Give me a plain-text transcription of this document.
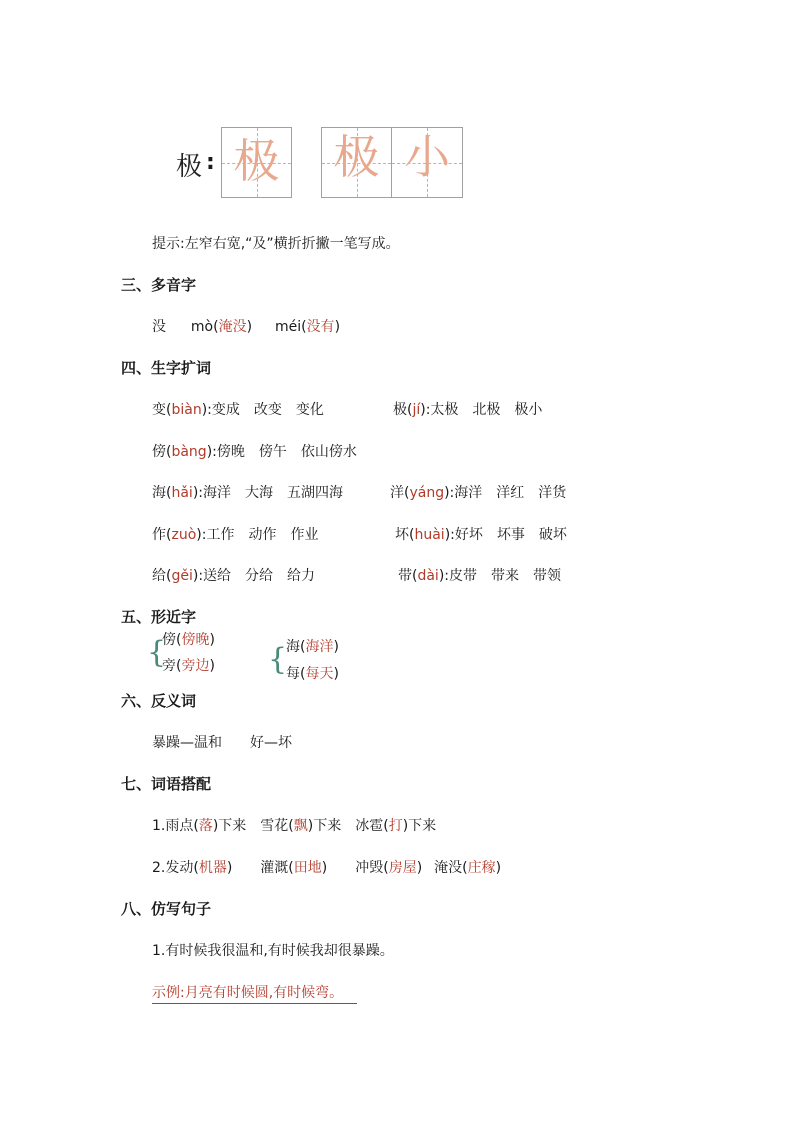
极 : 极 极 小
提示:左窄右宽,“及”横折折撇一笔写成。
三、多音字
没 mò(淹没) méi(没有)
四、生字扩词
变(biàn):变成　改变　变化	极(jí):太极　北极　极小
傍(bàng):傍晚　傍午　依山傍水
海(hǎi):海洋　大海　五湖四海	洋(yáng):海洋　洋红　洋货
作(zuò):工作　动作　作业	坏(huài):好坏　坏事　破坏
给(gěi):送给　分给　给力	带(dài):皮带　带来　带领
五、形近字
{
傍(傍晚)
旁(旁边) {
海(海洋)
每(每天)
六、反义词
暴躁—温和　　好—坏
七、词语搭配
1.雨点(落)下来 雪花(飘)下来 冰雹(打)下来
2.发动(机器) 灌溉(田地) 冲毁(房屋) 淹没(庄稼)
八、仿写句子
1.有时候我很温和,有时候我却很暴躁。
示例:月亮有时候圆,有时候弯。
